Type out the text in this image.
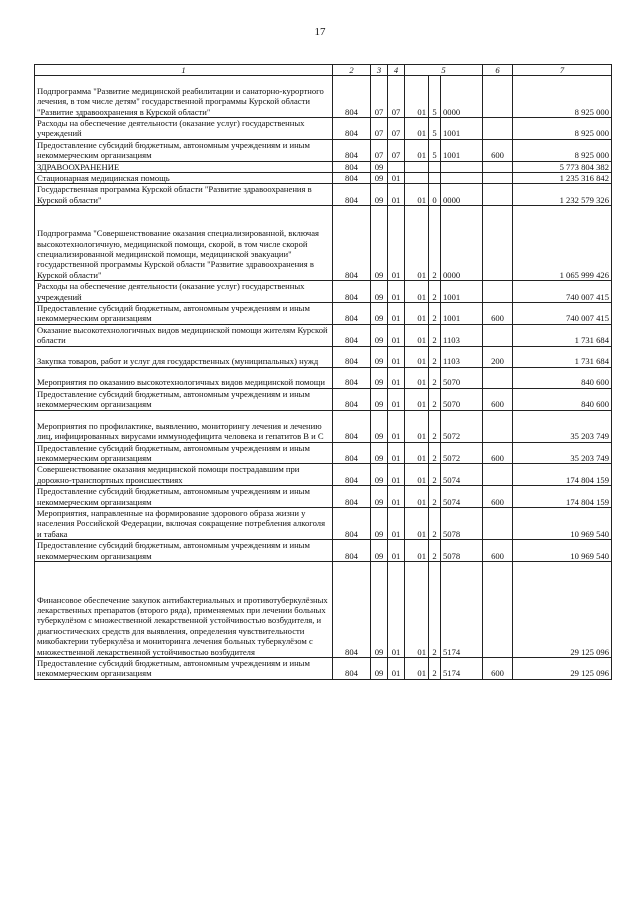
17
1	2	3	4	5			6	7
Подпрограмма "Развитие медицинской реабилитации и санаторно-курортного лечения, в том числе детям" государственной программы Курской области "Развитие здравоохранения в Курской области"	804	07	07	01	5	0000		8 925 000
Расходы на обеспечение деятельности (оказание услуг) государственных учреждений	804	07	07	01	5	1001		8 925 000
Предоставление субсидий бюджетным, автономным учреждениям и иным некоммерческим организациям	804	07	07	01	5	1001	600	8 925 000
ЗДРАВООХРАНЕНИЕ	804	09						5 773 804 382
Стационарная медицинская помощь	804	09	01					1 235 316 842
Государственная программа Курской области "Развитие здравоохранения в Курской области"	804	09	01	01	0	0000		1 232 579 326
Подпрограмма "Совершенствование оказания специализированной, включая высокотехнологичную, медицинской помощи, скорой, в том числе скорой специализированной медицинской помощи, медицинской эвакуации" государственной программы Курской области "Развитие здравоохранения в Курской области"	804	09	01	01	2	0000		1 065 999 426
Расходы на обеспечение деятельности (оказание услуг) государственных учреждений	804	09	01	01	2	1001		740 007 415
Предоставление субсидий бюджетным, автономным учреждениям и иным некоммерческим организациям	804	09	01	01	2	1001	600	740 007 415
Оказание высокотехнологичных видов медицинской помощи жителям Курской области	804	09	01	01	2	1103		1 731 684
Закупка товаров, работ и услуг для государственных (муниципальных) нужд	804	09	01	01	2	1103	200	1 731 684
Мероприятия по оказанию высокотехнологичных видов медицинской помощи	804	09	01	01	2	5070		840 600
Предоставление субсидий бюджетным, автономным учреждениям и иным некоммерческим организациям	804	09	01	01	2	5070	600	840 600
Мероприятия по профилактике, выявлению, мониторингу лечения и лечению лиц, инфицированных вирусами иммунодефицита человека и гепатитов В и С	804	09	01	01	2	5072		35 203 749
Предоставление субсидий бюджетным, автономным учреждениям и иным некоммерческим организациям	804	09	01	01	2	5072	600	35 203 749
Совершенствование оказания медицинской помощи пострадавшим при дорожно-транспортных происшествиях	804	09	01	01	2	5074		174 804 159
Предоставление субсидий бюджетным, автономным учреждениям и иным некоммерческим организациям	804	09	01	01	2	5074	600	174 804 159
Мероприятия, направленные на формирование здорового образа жизни у населения Российской Федерации, включая сокращение потребления алкоголя и табака	804	09	01	01	2	5078		10 969 540
Предоставление субсидий бюджетным, автономным учреждениям и иным некоммерческим организациям	804	09	01	01	2	5078	600	10 969 540
Финансовое обеспечение закупок антибактериальных и противотуберкулёзных лекарственных препаратов (второго ряда), применяемых при лечении больных туберкулёзом с множественной лекарственной устойчивостью возбудителя, и диагностических средств для выявления, определения чувствительности микобактерии туберкулёза и мониторинга лечения больных туберкулёзом с множественной лекарственной устойчивостью возбудителя	804	09	01	01	2	5174		29 125 096
Предоставление субсидий бюджетным, автономным учреждениям и иным некоммерческим организациям	804	09	01	01	2	5174	600	29 125 096
